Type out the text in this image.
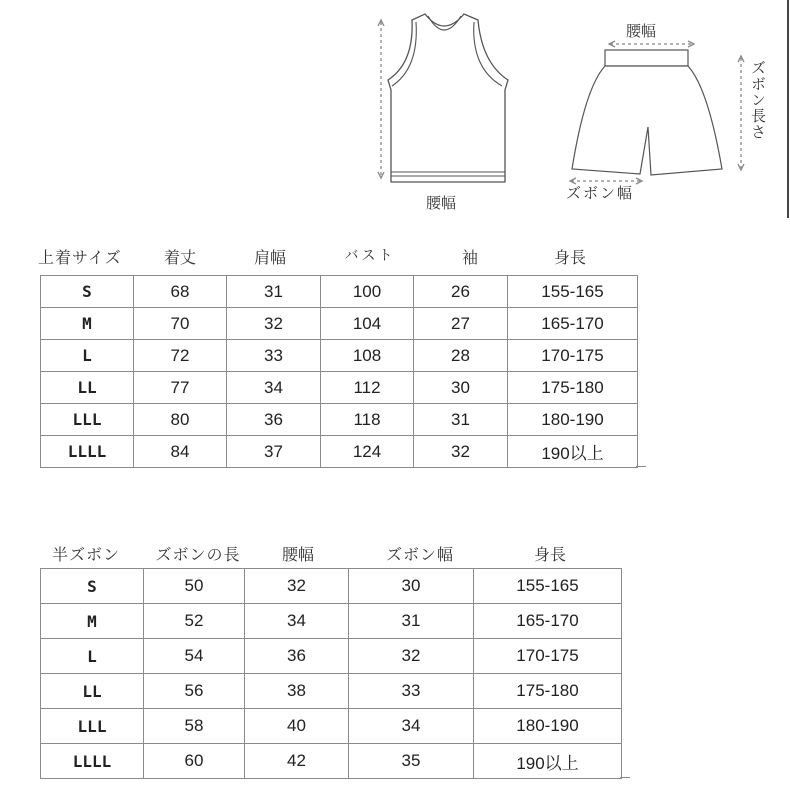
腰幅
腰幅
ズボン長さ
ズボン幅
上着サイズ	着丈	肩幅	バスト	袖	身長
S	68	31	100	26	155-165
M	70	32	104	27	165-170
L	72	33	108	28	170-175
LL	77	34	112	30	175-180
LLL	80	36	118	31	180-190
LLLL	84	37	124	32	190以上
半ズボン	ズボンの長	腰幅	ズボン幅	身長
S	50	32	30	155-165
M	52	34	31	165-170
L	54	36	32	170-175
LL	56	38	33	175-180
LLL	58	40	34	180-190
LLLL	60	42	35	190以上
